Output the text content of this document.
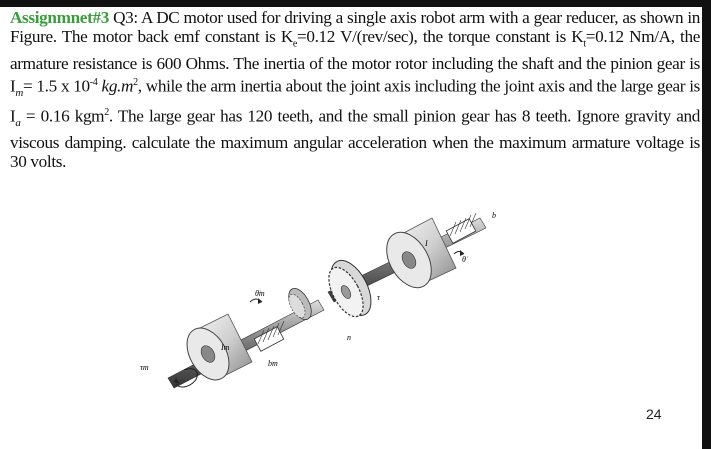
Assignmnet#3 Q3: A DC motor used for driving a single axis robot arm with a gear reducer, as shown in Figure. The motor back emf constant is $K_e=0.12$ V/(rev/sec), the torque constant is $K_t=0.12$ Nm/A, the armature resistance is 600 Ohms. The inertia of the motor rotor including the shaft and the pinion gear is $I_m= 1.5$ x $10^{-4}$ $kg.m^2$, while the arm inertia about the joint axis including the joint axis and the large gear is $I_a = 0.16$ kgm$^2$. The large gear has 120 teeth, and the small pinion gear has 8 teeth. Ignore gravity and viscous damping. calculate the maximum angular acceleration when the maximum armature voltage is 30 volts.
τm
Im
θ̇m
bm
n
τ
I
θ̇
b
24
